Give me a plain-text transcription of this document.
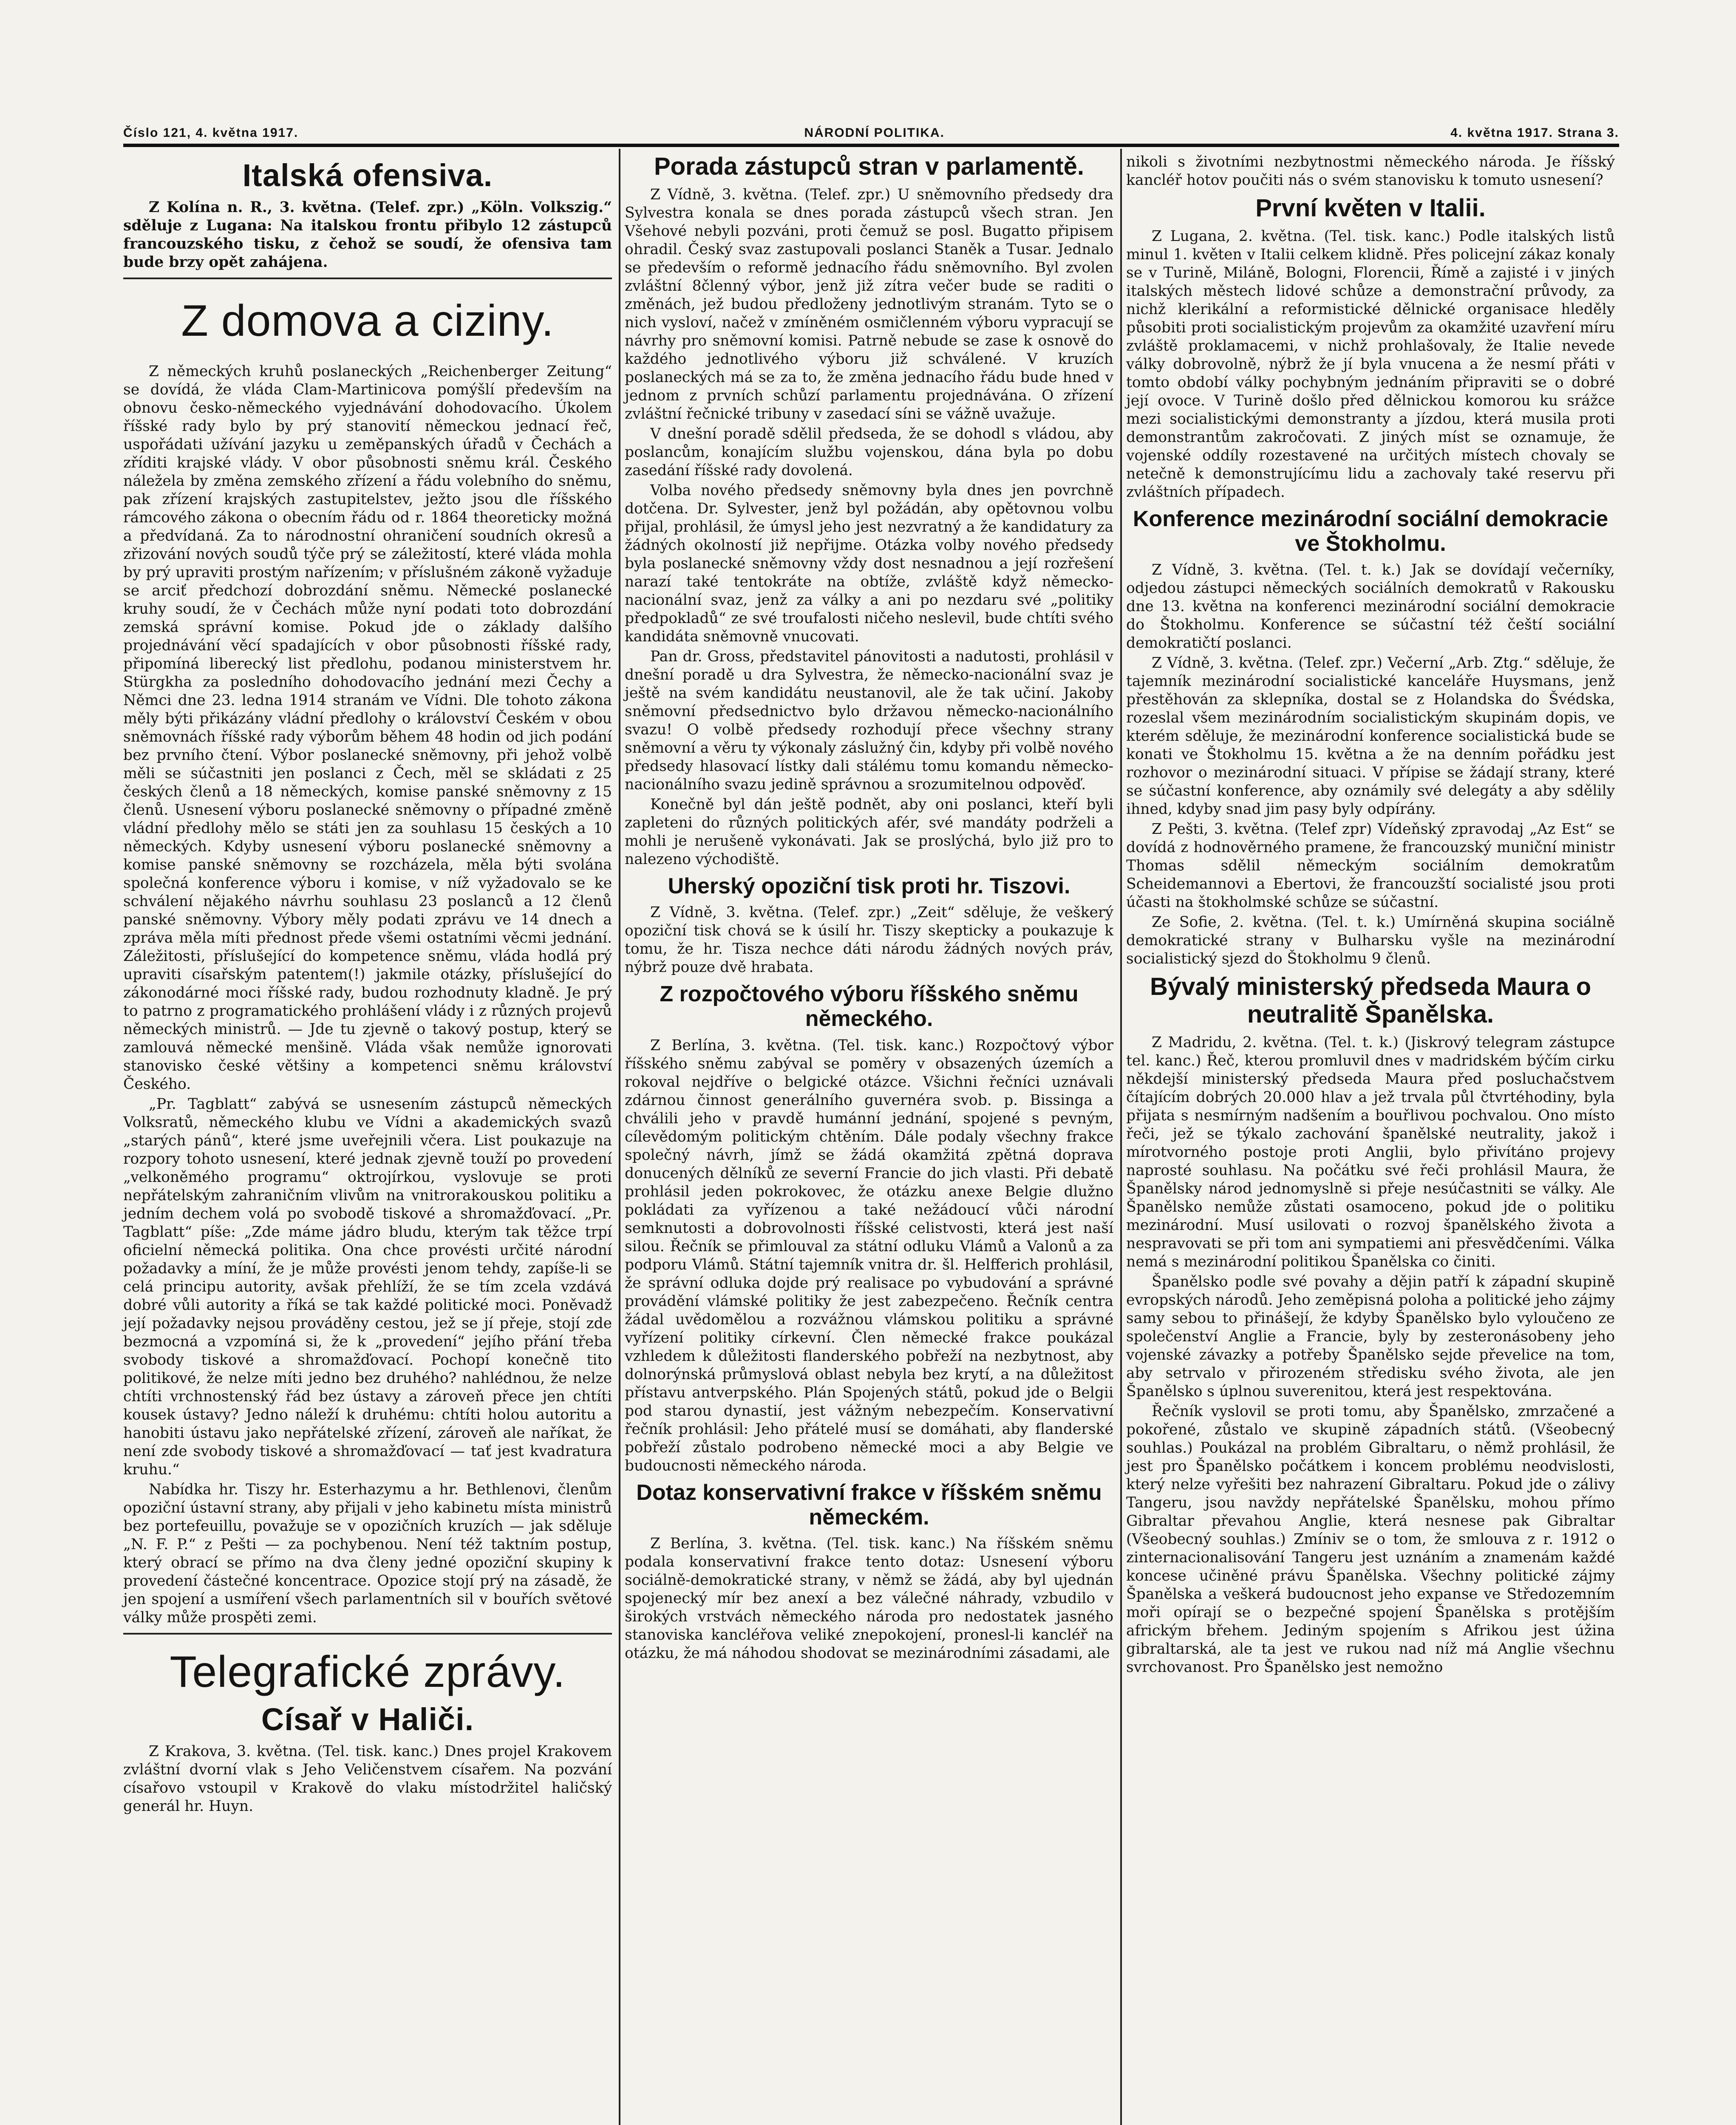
Číslo 121, 4. května 1917.	NÁRODNÍ POLITIKA.	4. května 1917. Strana 3.
Italská ofensiva.

Z Kolína n. R., 3. května. (Telef. zpr.) „Köln. Volkszig.“ sděluje z Lugana: Na italskou frontu přibylo 12 zástupců francouzského tisku, z čehož se soudí, že ofensiva tam bude brzy opět zahájena.

Z domova a ciziny.

Z německých kruhů poslaneckých „Reichenberger Zeitung“ se dovídá, že vláda Clam-Martinicova pomýšlí především na obnovu česko-německého vyjednávání dohodovacího. Úkolem říšské rady bylo by prý stanovití německou jednací řeč, uspořádati užívání jazyku u zeměpanských úřadů v Čechách a zříditi krajské vlády. V obor působnosti sněmu král. Českého náležela by změna zemského zřízení a řádu volebního do sněmu, pak zřízení krajských zastupitelstev, ježto jsou dle říšského rámcového zákona o obecním řádu od r. 1864 theoreticky možná a předvídaná. Za to národnostní ohraničení soudních okresů a zřizování nových soudů týče prý se záležitostí, které vláda mohla by prý upraviti prostým nařízením; v příslušném zákoně vyžaduje se arciť předchozí dobrozdání sněmu. Německé poslanecké kruhy soudí, že v Čechách může nyní podati toto dobrozdání zemská správní komise. Pokud jde o základy dalšího projednávání věcí spadajících v obor působnosti říšské rady, připomíná liberecký list předlohu, podanou ministerstvem hr. Stürgkha za posledního dohodovacího jednání mezi Čechy a Němci dne 23. ledna 1914 stranám ve Vídni. Dle tohoto zákona měly býti přikázány vládní předlohy o království Českém v obou sněmovnách říšské rady výborům během 48 hodin od jich podání bez prvního čtení. Výbor poslanecké sněmovny, při jehož volbě měli se súčastniti jen poslanci z Čech, měl se skládati z 25 českých členů a 18 německých, komise panské sněmovny z 15 členů. Usnesení výboru poslanecké sněmovny o případné změně vládní předlohy mělo se státi jen za souhlasu 15 českých a 10 německých. Kdyby usnesení výboru poslanecké sněmovny a komise panské sněmovny se rozcházela, měla býti svolána společná konference výboru i komise, v níž vyžadovalo se ke schválení nějakého návrhu souhlasu 23 poslanců a 12 členů panské sněmovny. Výbory měly podati zprávu ve 14 dnech a zpráva měla míti přednost přede všemi ostatními věcmi jednání. Záležitosti, příslušející do kompetence sněmu, vláda hodlá prý upraviti císařským patentem(!) jakmile otázky, příslušející do zákonodárné moci říšské rady, budou rozhodnuty kladně. Je prý to patrno z programatického prohlášení vlády i z různých projevů německých ministrů. — Jde tu zjevně o takový postup, který se zamlouvá německé menšině. Vláda však nemůže ignorovati stanovisko české většiny a kompetenci sněmu království Českého.

„Pr. Tagblatt“ zabývá se usnesením zástupců německých Volksratů, německého klubu ve Vídni a akademických svazů „starých pánů“, které jsme uveřejnili včera. List poukazuje na rozpory tohoto usnesení, které jednak zjevně touží po provedení „velkoněmého programu“ oktrojírkou, vyslovuje se proti nepřátelským zahraničním vlivům na vnitrorakouskou politiku a jedním dechem volá po svobodě tiskové a shromažďovací. „Pr. Tagblatt“ píše: „Zde máme jádro bludu, kterým tak těžce trpí oficielní německá politika. Ona chce provésti určité národní požadavky a míní, že je může provésti jenom tehdy, zapíše-li se celá principu autority, avšak přehlíží, že se tím zcela vzdává dobré vůli autority a říká se tak každé politické moci. Poněvadž její požadavky nejsou prováděny cestou, jež se jí přeje, stojí zde bezmocná a vzpomíná si, že k „provedení“ jejího přání třeba svobody tiskové a shromažďovací. Pochopí konečně tito politikové, že nelze míti jedno bez druhého? nahlédnou, že nelze chtíti vrchnostenský řád bez ústavy a zároveň přece jen chtíti kousek ústavy? Jedno náleží k druhému: chtíti holou autoritu a hanobiti ústavu jako nepřátelské zřízení, zároveň ale naříkat, že není zde svobody tiskové a shromažďovací — tať jest kvadratura kruhu.“

Nabídka hr. Tiszy hr. Esterhazymu a hr. Bethlenovi, členům opoziční ústavní strany, aby přijali v jeho kabinetu místa ministrů bez portefeuillu, považuje se v opozičních kruzích — jak sděluje „N. F. P.“ z Pešti — za pochybenou. Není též taktním postup, který obrací se přímo na dva členy jedné opoziční skupiny k provedení částečné koncentrace. Opozice stojí prý na zásadě, že jen spojení a usmíření všech parlamentních sil v bouřích světové války může prospěti zemi.

Telegrafické zprávy.
Císař v Haliči.

Z Krakova, 3. května. (Tel. tisk. kanc.) Dnes projel Krakovem zvláštní dvorní vlak s Jeho Veličenstvem císařem. Na pozvání císařovo vstoupil v Krakově do vlaku místodržitel haličský generál hr. Huyn.

Porada zástupců stran v parlamentě.

Z Vídně, 3. května. (Telef. zpr.) U sněmovního předsedy dra Sylvestra konala se dnes porada zástupců všech stran. Jen Všehové nebyli pozváni, proti čemuž se posl. Bugatto připisem ohradil. Český svaz zastupovali poslanci Staněk a Tusar. Jednalo se především o reformě jednacího řádu sněmovního. Byl zvolen zvláštní 8členný výbor, jenž již zítra večer bude se raditi o změnách, jež budou předloženy jednotlivým stranám. Tyto se o nich vysloví, načež v zmíněném osmičlenném výboru vypracují se návrhy pro sněmovní komisi. Patrně nebude se zase k osnově do každého jednotlivého výboru již schválené. V kruzích poslaneckých má se za to, že změna jednacího řádu bude hned v jednom z prvních schůzí parlamentu projednávána. O zřízení zvláštní řečnické tribuny v zasedací síni se vážně uvažuje.

V dnešní poradě sdělil předseda, že se dohodl s vládou, aby poslancům, konajícím službu vojenskou, dána byla po dobu zasedání říšské rady dovolená.

Volba nového předsedy sněmovny byla dnes jen povrchně dotčena. Dr. Sylvester, jenž byl požádán, aby opětovnou volbu přijal, prohlásil, že úmysl jeho jest nezvratný a že kandidatury za žádných okolností již nepřijme. Otázka volby nového předsedy byla poslanecké sněmovny vždy dost nesnadnou a její rozřešení narazí také tentokráte na obtíže, zvláště když německo-nacionální svaz, jenž za války a ani po nezdaru své „politiky předpokladů“ ze své troufalosti ničeho neslevil, bude chtíti svého kandidáta sněmovně vnucovati.

Pan dr. Gross, představitel pánovitosti a nadutosti, prohlásil v dnešní poradě u dra Sylvestra, že německo-nacionální svaz je ještě na svém kandidátu neustanovil, ale že tak učiní. Jakoby sněmovní předsednictvo bylo državou německo-nacionálního svazu! O volbě předsedy rozhodují přece všechny strany sněmovní a věru ty výkonaly záslužný čin, kdyby při volbě nového předsedy hlasovací lístky dali stálému tomu komandu německo-nacionálního svazu jedině správnou a srozumitelnou odpověď.

Konečně byl dán ještě podnět, aby oni poslanci, kteří byli zapleteni do různých politických afér, své mandáty podrželi a mohli je nerušeně vykonávati. Jak se proslýchá, bylo již pro to nalezeno východiště.

Uherský opoziční tisk proti hr. Tiszovi.

Z Vídně, 3. května. (Telef. zpr.) „Zeit“ sděluje, že veškerý opoziční tisk chová se k úsilí hr. Tiszy skepticky a poukazuje k tomu, že hr. Tisza nechce dáti národu žádných nových práv, nýbrž pouze dvě hrabata.

Z rozpočtového výboru říšského sněmu německého.

Z Berlína, 3. května. (Tel. tisk. kanc.) Rozpočtový výbor říšského sněmu zabýval se poměry v obsazených územích a rokoval nejdříve o belgické otázce. Všichni řečníci uznávali zdárnou činnost generálního guvernéra svob. p. Bissinga a chválili jeho v pravdě humánní jednání, spojené s pevným, cílevědomým politickým chtěním. Dále podaly všechny frakce společný návrh, jímž se žádá okamžitá zpětná doprava donucených dělníků ze severní Francie do jich vlasti. Při debatě prohlásil jeden pokrokovec, že otázku anexe Belgie dlužno pokládati za vyřízenou a také nežádoucí vůči národní semknutosti a dobrovolnosti říšské celistvosti, která jest naší silou. Řečník se přimlouval za státní odluku Vlámů a Valonů a za podporu Vlámů. Státní tajemník vnitra dr. šl. Helfferich prohlásil, že správní odluka dojde prý realisace po vybudování a správné provádění vlámské politiky že jest zabezpečeno. Řečník centra žádal uvědomělou a rozvážnou vlámskou politiku a správné vyřízení politiky církevní. Člen německé frakce poukázal vzhledem k důležitosti flanderského pobřeží na nezbytnost, aby dolnorýnská průmyslová oblast nebyla bez krytí, a na důležitost přístavu antverpského. Plán Spojených států, pokud jde o Belgii pod starou dynastií, jest vážným nebezpečím. Konservativní řečník prohlásil: Jeho přátelé musí se domáhati, aby flanderské pobřeží zůstalo podrobeno německé moci a aby Belgie ve budoucnosti německého národa.

Dotaz konservativní frakce v říšském sněmu německém.

Z Berlína, 3. května. (Tel. tisk. kanc.) Na říšském sněmu podala konservativní frakce tento dotaz: Usnesení výboru sociálně-demokratické strany, v němž se žádá, aby byl ujednán spojenecký mír bez anexí a bez válečné náhrady, vzbudilo v širokých vrstvách německého národa pro nedostatek jasného stanoviska kancléřova veliké znepokojení, pronesl-li kancléř na otázku, že má náhodou shodovat se mezinárodními zásadami, ale

nikoli s životními nezbytnostmi německého národa. Je říšský kancléř hotov poučiti nás o svém stanovisku k tomuto usnesení?

První květen v Italii.

Z Lugana, 2. května. (Tel. tisk. kanc.) Podle italských listů minul 1. květen v Italii celkem klidně. Přes policejní zákaz konaly se v Turině, Miláně, Bologni, Florencii, Římě a zajisté i v jiných italských městech lidové schůze a demonstrační průvody, za nichž klerikální a reformistické dělnické organisace hleděly působiti proti socialistickým projevům za okamžité uzavření míru zvláště proklamacemi, v nichž prohlašovaly, že Italie nevede války dobrovolně, nýbrž že jí byla vnucena a že nesmí přáti v tomto období války pochybným jednáním připraviti se o dobré její ovoce. V Turině došlo před dělnickou komorou ku srážce mezi socialistickými demonstranty a jízdou, která musila proti demonstrantům zakročovati. Z jiných míst se oznamuje, že vojenské oddíly rozestavené na určitých místech chovaly se netečně k demonstrujícímu lidu a zachovaly také reservu při zvláštních případech.

Konference mezinárodní sociální demokracie ve Štokholmu.

Z Vídně, 3. května. (Tel. t. k.) Jak se dovídají večerníky, odjedou zástupci německých sociálních demokratů v Rakousku dne 13. května na konferenci mezinárodní sociální demokracie do Štokholmu. Konference se súčastní též čeští sociální demokratičtí poslanci.

Z Vídně, 3. května. (Telef. zpr.) Večerní „Arb. Ztg.“ sděluje, že tajemník mezinárodní socialistické kanceláře Huysmans, jenž přestěhován za sklepníka, dostal se z Holandska do Švédska, rozeslal všem mezinárodním socialistickým skupinám dopis, ve kterém sděluje, že mezinárodní konference socialistická bude se konati ve Štokholmu 15. května a že na denním pořádku jest rozhovor o mezinárodní situaci. V přípise se žádají strany, které se súčastní konference, aby oznámily své delegáty a aby sdělily ihned, kdyby snad jim pasy byly odpírány.

Z Pešti, 3. května. (Telef zpr) Vídeňský zpravodaj „Az Est“ se dovídá z hodnověrného pramene, že francouzský muniční ministr Thomas sdělil německým sociálním demokratům Scheidemannovi a Ebertovi, že francouzští socialisté jsou proti účasti na štokholmské schůze se súčastní.

Ze Sofie, 2. května. (Tel. t. k.) Umírněná skupina sociálně demokratické strany v Bulharsku vyšle na mezinárodní socialistický sjezd do Štokholmu 9 členů.

Bývalý ministerský předseda Maura o neutralitě Španělska.

Z Madridu, 2. května. (Tel. t. k.) (Jiskrový telegram zástupce tel. kanc.) Řeč, kterou promluvil dnes v madridském býčím cirku někdejší ministerský předseda Maura před posluchačstvem čítajícím dobrých 20.000 hlav a jež trvala půl čtvrtéhodiny, byla přijata s nesmírným nadšením a bouřlivou pochvalou. Ono místo řeči, jež se týkalo zachování španělské neutrality, jakož i mírotvorného postoje proti Anglii, bylo přivítáno projevy naprosté souhlasu. Na počátku své řeči prohlásil Maura, že Španělsky národ jednomyslně si přeje nesúčastniti se války. Ale Španělsko nemůže zůstati osamoceno, pokud jde o politiku mezinárodní. Musí usilovati o rozvoj španělského života a nespravovati se při tom ani sympatiemi ani přesvědčeními. Válka nemá s mezinárodní politikou Španělska co činiti.

Španělsko podle své povahy a dějin patří k západní skupině evropských národů. Jeho zeměpisná poloha a politické jeho zájmy samy sebou to přinášejí, že kdyby Španělsko bylo vyloučeno ze společenství Anglie a Francie, byly by zesteronásobeny jeho vojenské závazky a potřeby Španělsko sejde převelice na tom, aby setrvalo v přirozeném středisku svého života, ale jen Španělsko s úplnou suverenitou, která jest respektována.

Řečník vyslovil se proti tomu, aby Španělsko, zmrzačené a pokořené, zůstalo ve skupině západních států. (Všeobecný souhlas.) Poukázal na problém Gibraltaru, o němž prohlásil, že jest pro Španělsko počátkem i koncem problému neodvislosti, který nelze vyřešiti bez nahrazení Gibraltaru. Pokud jde o zálivy Tangeru, jsou navždy nepřátelské Španělsku, mohou přímo Gibraltar převahou Anglie, která nesnese pak Gibraltar (Všeobecný souhlas.) Zmíniv se o tom, že smlouva z r. 1912 o zinternacionalisování Tangeru jest uznáním a znamenám každé koncese učiněné právu Španělska. Všechny politické zájmy Španělska a veškerá budoucnost jeho expanse ve Středozemním moři opírají se o bezpečné spojení Španělska s protějším africkým břehem. Jediným spojením s Afrikou jest úžina gibraltarská, ale ta jest ve rukou nad níž má Anglie všechnu svrchovanost. Pro Španělsko jest nemožno
